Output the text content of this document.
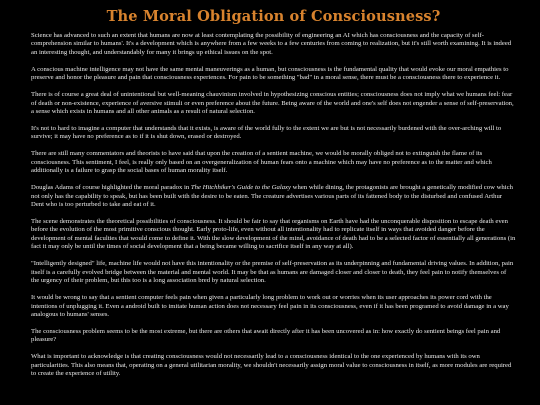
The Moral Obligation of Consciousness?

Science has advanced to such an extent that humans are now at least contemplating the possibility of engineering an AI which has consciousness and the capacity of self-comprehension similar to humans'. It's a development which is anywhere from a few weeks to a few centuries from coming to realization, but it's still worth examining. It is indeed an interesting thought, and understandably for many it brings up ethical issues on the spot.

A conscious machine intelligence may not have the same mental maneuverings as a human, but consciousness is the fundamental quality that would evoke our moral empathies to preserve and honor the pleasure and pain that consciousness experiences. For pain to be something "bad" in a moral sense, there must be a consciousness there to experience it.

There is of course a great deal of unintentional but well-meaning chauvinism involved in hypothesizing conscious entities; consciousness does not imply what we humans feel: fear of death or non-existence, experience of aversive stimuli or even preference about the future. Being aware of the world and one's self does not engender a sense of self-preservation, a sense which exists in humans and all other animals as a result of natural selection.

It's not to hard to imagine a computer that understands that it exists, is aware of the world fully to the extent we are but is not necessarily burdened with the over-arching will to survive; it may have no preference as to if it is shut down, erased or destroyed.

There are still many commentators and theorists to have said that upon the creation of a sentient machine, we would be morally obliged not to extinguish the flame of its consciousness. This sentiment, I feel, is really only based on an overgeneralization of human fears onto a machine which may have no preference as to the matter and which additionally is a failure to grasp the social bases of human morality itself.

Douglas Adams of course highlighted the moral paradox in The Hitchhiker's Guide to the Galaxy when while dining, the protagonists are brought a genetically modified cow which not only has the capability to speak, but has been built with the desire to be eaten. The creature advertises various parts of its fattened body to the disturbed and confused Arthur Dent who is too perturbed to take and eat of it.

The scene demonstrates the theoretical possibilities of consciousness. It should be fair to say that organisms on Earth have had the unconquerable disposition to escape death even before the evolution of the most primitive conscious thought. Early proto-life, even without all intentionality had to replicate itself in ways that avoided danger before the development of mental faculties that would come to define it. With the slow development of the mind, avoidance of death had to be a selected factor of essentially all generations (in fact it may only be until the times of social development that a being became willing to sacrifice itself in any way at all).

"Intelligently designed" life, machine life would not have this intentionality or the premise of self-preservation as its underpinning and fundamental driving values. In addition, pain itself is a carefully evolved bridge between the material and mental world. It may be that as humans are damaged closer and closer to death, they feel pain to notify themselves of the urgency of their problem, but this too is a long association bred by natural selection.

It would be wrong to say that a sentient computer feels pain when given a particularly long problem to work out or worries when its user approaches its power cord with the intentions of unplugging it. Even a android built to imitate human action does not necessary feel pain in its consciousness, even if it has been programed to avoid damage in a way analogous to humans' senses.

The consciousness problem seems to be the most extreme, but there are others that await directly after it has been uncovered as in: how exactly do sentient beings feel pain and pleasure?

What is important to acknowledge is that creating consciousness would not necessarily lead to a consciousness identical to the one experienced by humans with its own particularities. This also means that, operating on a general utilitarian morality, we shouldn't necessarily assign moral value to consciousness in itself, as more modules are required to create the experience of utility.
